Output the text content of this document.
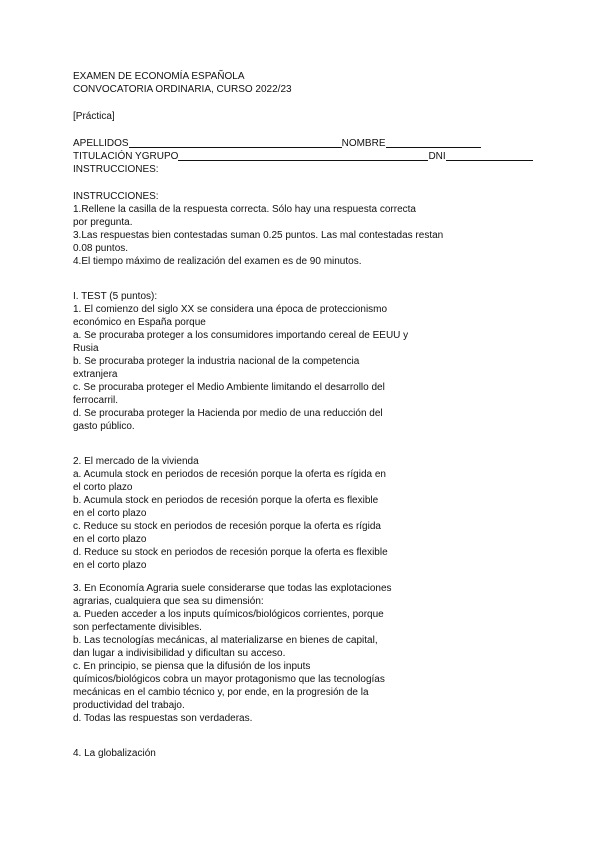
EXAMEN DE ECONOMÍA ESPAÑOLA
CONVOCATORIA ORDINARIA, CURSO 2022/23
[Práctica]
APELLIDOS	NOMBRE
TITULACIÓN YGRUPO	DNI
INSTRUCCIONES:
INSTRUCCIONES:
1.Rellene la casilla de la respuesta correcta. Sólo hay una respuesta correcta
por pregunta.
3.Las respuestas bien contestadas suman 0.25 puntos. Las mal contestadas restan
0.08 puntos.
4.El tiempo máximo de realización del examen es de 90 minutos.
I. TEST (5 puntos):
1. El comienzo del siglo XX se considera una época de proteccionismo
económico en España porque
a. Se procuraba proteger a los consumidores importando cereal de EEUU y
Rusia
b. Se procuraba proteger la industria nacional de la competencia
extranjera
c. Se procuraba proteger el Medio Ambiente limitando el desarrollo del
ferrocarril.
d. Se procuraba proteger la Hacienda por medio de una reducción del
gasto público.
2. El mercado de la vivienda
a. Acumula stock en periodos de recesión porque la oferta es rígida en
el corto plazo
b. Acumula stock en periodos de recesión porque la oferta es flexible
en el corto plazo
c. Reduce su stock en periodos de recesión porque la oferta es rígida
en el corto plazo
d. Reduce su stock en periodos de recesión porque la oferta es flexible
en el corto plazo
3. En Economía Agraria suele considerarse que todas las explotaciones
agrarias, cualquiera que sea su dimensión:
a. Pueden acceder a los inputs químicos/biológicos corrientes, porque
son perfectamente divisibles.
b. Las tecnologías mecánicas, al materializarse en bienes de capital,
dan lugar a indivisibilidad y dificultan su acceso.
c. En principio, se piensa que la difusión de los inputs
químicos/biológicos cobra un mayor protagonismo que las tecnologías
mecánicas en el cambio técnico y, por ende, en la progresión de la
productividad del trabajo.
d. Todas las respuestas son verdaderas.
4. La globalización
